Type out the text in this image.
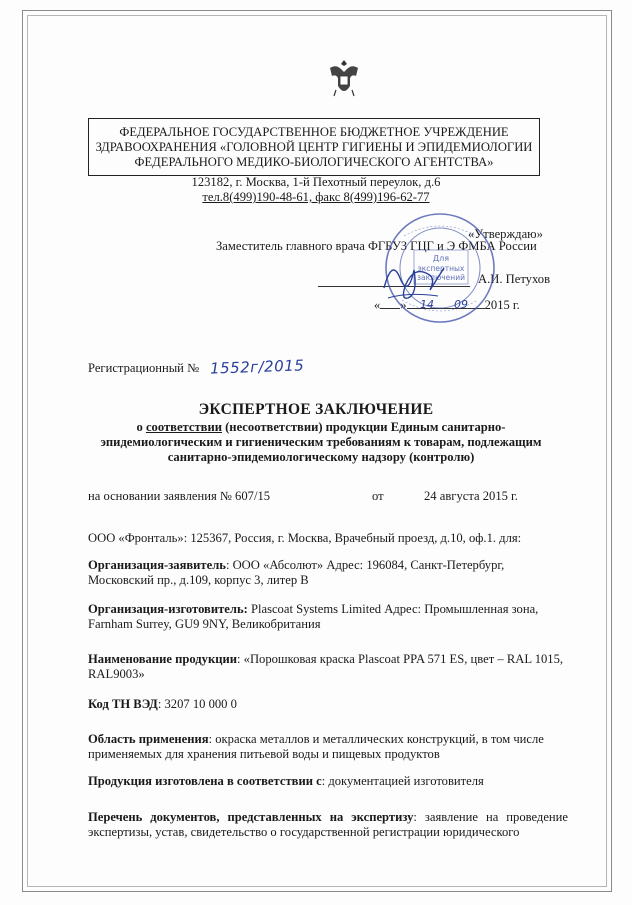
ФЕДЕРАЛЬНОЕ ГОСУДАРСТВЕННОЕ БЮДЖЕТНОЕ УЧРЕЖДЕНИЕ
ЗДРАВООХРАНЕНИЯ «ГОЛОВНОЙ ЦЕНТР ГИГИЕНЫ И ЭПИДЕМИОЛОГИИ
ФЕДЕРАЛЬНОГО МЕДИКО-БИОЛОГИЧЕСКОГО АГЕНТСТВА»
123182, г. Москва, 1-й Пехотный переулок, д.6
тел.8(499)190-48-61, факс 8(499)196-62-77
«Утверждаю»
Заместитель главного врача ФГБУЗ ГЦГ и Э ФМБА России
А.И. Петухов
« »	2015 г.
Для
экспертных
заключений
14 09
Регистрационный № 1552г/2015
ЭКСПЕРТНОЕ ЗАКЛЮЧЕНИЕ
о соответствии (несоответствии) продукции Единым санитарно-
эпидемиологическим и гигиеническим требованиям к товарам, подлежащим
санитарно-эпидемиологическому надзору (контролю)
на основании заявления № 607/15	от	24 августа 2015 г.
ООО «Фронталь»: 125367, Россия, г. Москва, Врачебный проезд, д.10, оф.1. для:
Организация-заявитель: ООО «Абсолют» Адрес: 196084, Санкт-Петербург, Московский пр., д.109, корпус 3, литер В
Организация-изготовитель: Plascoat Systems Limited Адрес: Промышленная зона, Farnham Surrey, GU9 9NY, Великобритания
Наименование продукции: «Порошковая краска Plascoat PPA 571 ES, цвет – RAL 1015, RAL9003»
Код ТН ВЭД: 3207 10 000 0
Область применения: окраска металлов и металлических конструкций, в том числе применяемых для хранения питьевой воды и пищевых продуктов
Продукция изготовлена в соответствии с: документацией изготовителя
Перечень документов, представленных на экспертизу: заявление на проведение экспертизы, устав, свидетельство о государственной регистрации юридического
